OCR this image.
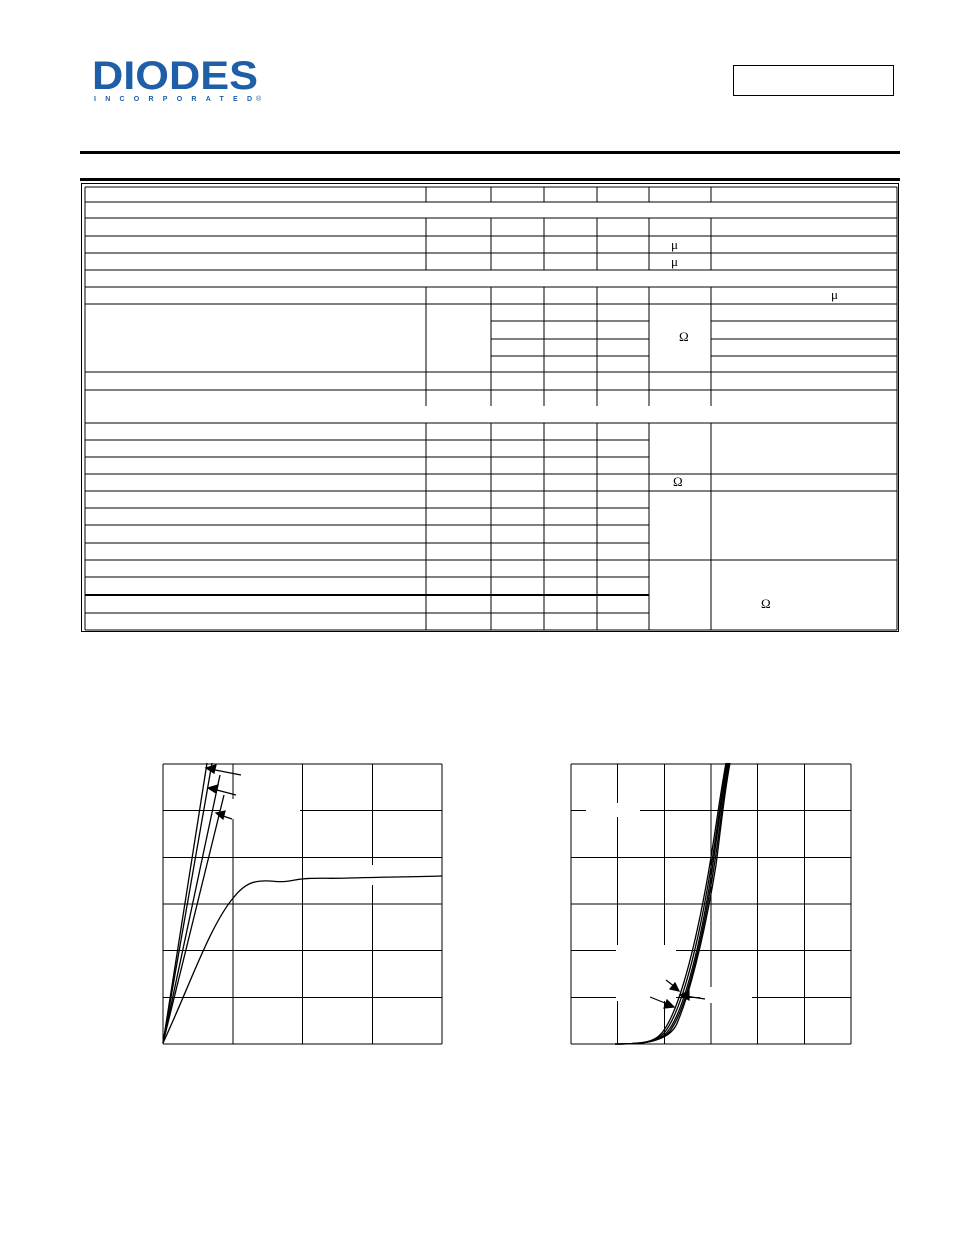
DIODES
INCORPORATED ®
μ
μ
μ
Ω
Ω
Ω
